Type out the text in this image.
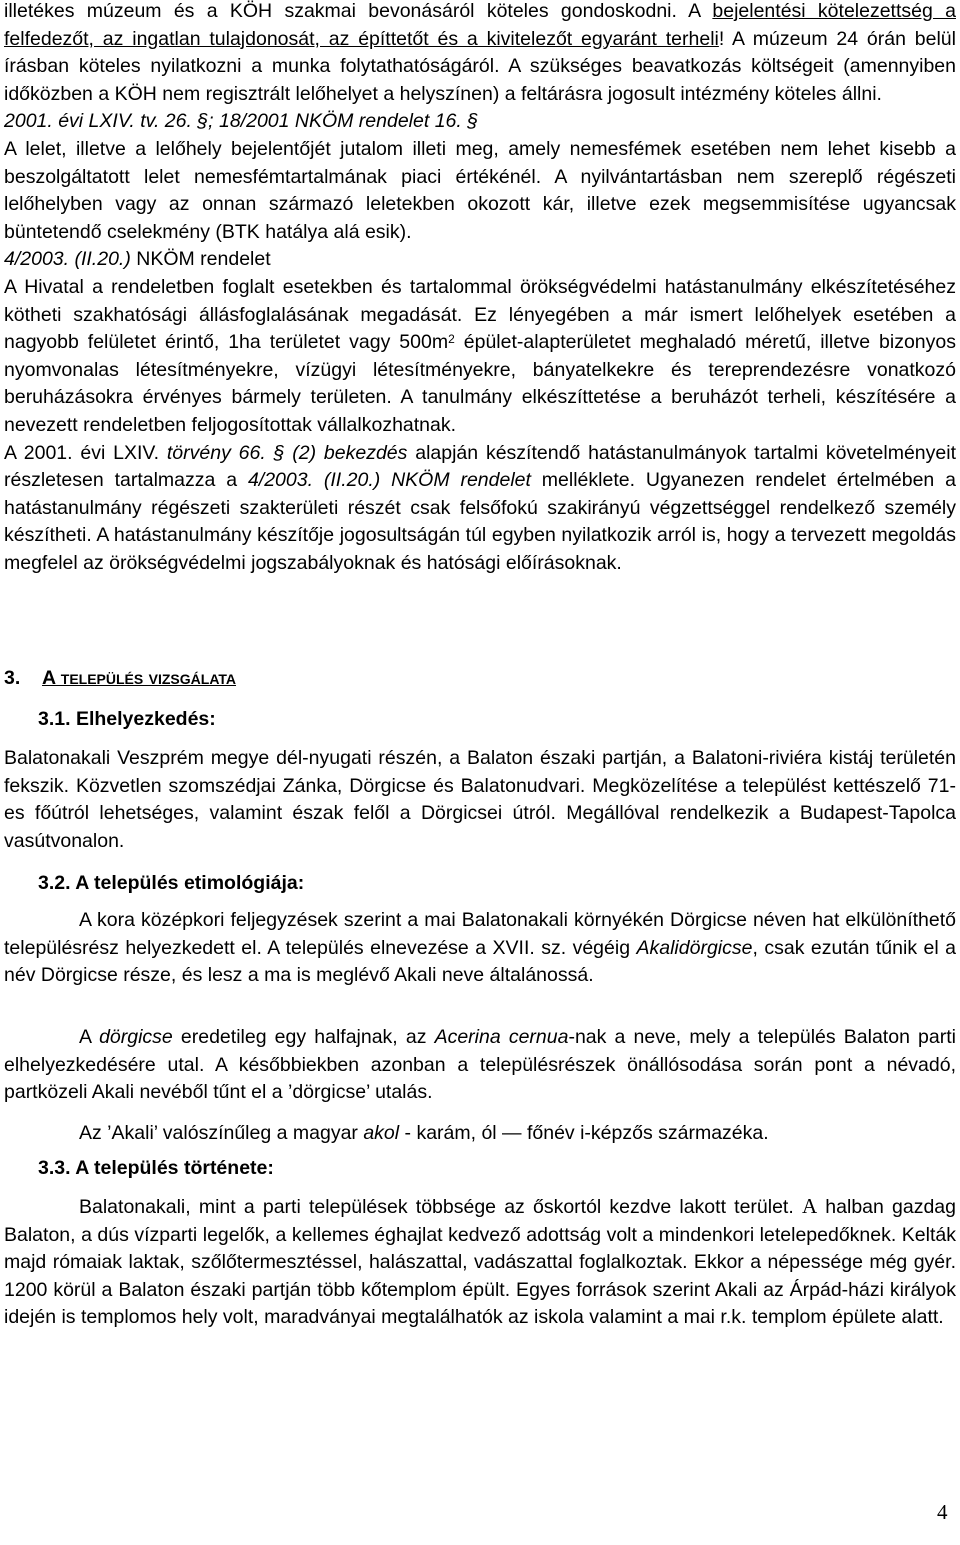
illetékes múzeum és a KÖH szakmai bevonásáról köteles gondoskodni. A bejelentési kötelezettség a felfedezőt, az ingatlan tulajdonosát, az építtetőt és a kivitelezőt egyaránt terheli! A múzeum 24 órán belül írásban köteles nyilatkozni a munka folytathatóságáról. A szükséges beavatkozás költségeit (amennyiben időközben a KÖH nem regisztrált lelőhelyet a helyszínen) a feltárásra jogosult intézmény köteles állni.

2001. évi LXIV. tv. 26. §; 18/2001 NKÖM rendelet 16. §

A lelet, illetve a lelőhely bejelentőjét jutalom illeti meg, amely nemesfémek esetében nem lehet kisebb a beszolgáltatott lelet nemesfémtartalmának piaci értékénél. A nyilvántartásban nem szereplő régészeti lelőhelyben vagy az onnan származó leletekben okozott kár, illetve ezek megsemmisítése ugyancsak büntetendő cselekmény (BTK hatálya alá esik).

4/2003. (II.20.) NKÖM rendelet

A Hivatal a rendeletben foglalt esetekben és tartalommal örökségvédelmi hatástanulmány elkészítetéséhez kötheti szakhatósági állásfoglalásának megadását. Ez lényegében a már ismert lelőhelyek esetében a nagyobb felületet érintő, 1ha területet vagy $500m^2$ épület-alapterületet meghaladó méretű, illetve bizonyos nyomvonalas létesítményekre, vízügyi létesítményekre, bányatelkekre és tereprendezésre vonatkozó beruházásokra érvényes bármely területen. A tanulmány elkészíttetése a beruházót terheli, készítésére a nevezett rendeletben feljogosítottak vállalkozhatnak.

A 2001. évi LXIV. törvény 66. § (2) bekezdés alapján készítendő hatástanulmányok tartalmi követelményeit részletesen tartalmazza a 4/2003. (II.20.) NKÖM rendelet melléklete. Ugyanezen rendelet értelmében a hatástanulmány régészeti szakterületi részét csak felsőfokú szakirányú végzettséggel rendelkező személy készítheti. A hatástanulmány készítője jogosultságán túl egyben nyilatkozik arról is, hogy a tervezett megoldás megfelel az örökségvédelmi jogszabályoknak és hatósági előírásoknak.

3. A település vizsgálata
3.1. Elhelyezkedés:

Balatonakali Veszprém megye dél-nyugati részén, a Balaton északi partján, a Balatoni-riviéra kistáj területén fekszik. Közvetlen szomszédjai Zánka, Dörgicse és Balatonudvari. Megközelítése a települést kettészelő 71-es főútról lehetséges, valamint észak felől a Dörgicsei útról. Megállóval rendelkezik a Budapest-Tapolca vasútvonalon.

3.2. A település etimológiája:

A kora középkori feljegyzések szerint a mai Balatonakali környékén Dörgicse néven hat elkülöníthető településrész helyezkedett el. A település elnevezése a XVII. sz. végéig Akalidörgicse, csak ezután tűnik el a név Dörgicse része, és lesz a ma is meglévő Akali neve általánossá.

A dörgicse eredetileg egy halfajnak, az Acerina cernua-nak a neve, mely a település Balaton parti elhelyezkedésére utal. A későbbiekben azonban a településrészek önállósodása során pont a névadó, partközeli Akali nevéből tűnt el a ’dörgicse’ utalás.

Az ’Akali’ valószínűleg a magyar akol - karám, ól — főnév i-képzős származéka.

3.3. A település története:

Balatonakali, mint a parti települések többsége az őskortól kezdve lakott terület. A halban gazdag Balaton, a dús vízparti legelők, a kellemes éghajlat kedvező adottság volt a mindenkori letelepedőknek. Kelták majd rómaiak laktak, szőlőtermesztéssel, halászattal, vadászattal foglalkoztak. Ekkor a népessége még gyér. 1200 körül a Balaton északi partján több kőtemplom épült. Egyes források szerint Akali az Árpád-házi királyok idején is templomos hely volt, maradványai megtalálhatók az iskola valamint a mai r.k. templom épülete alatt.

4
